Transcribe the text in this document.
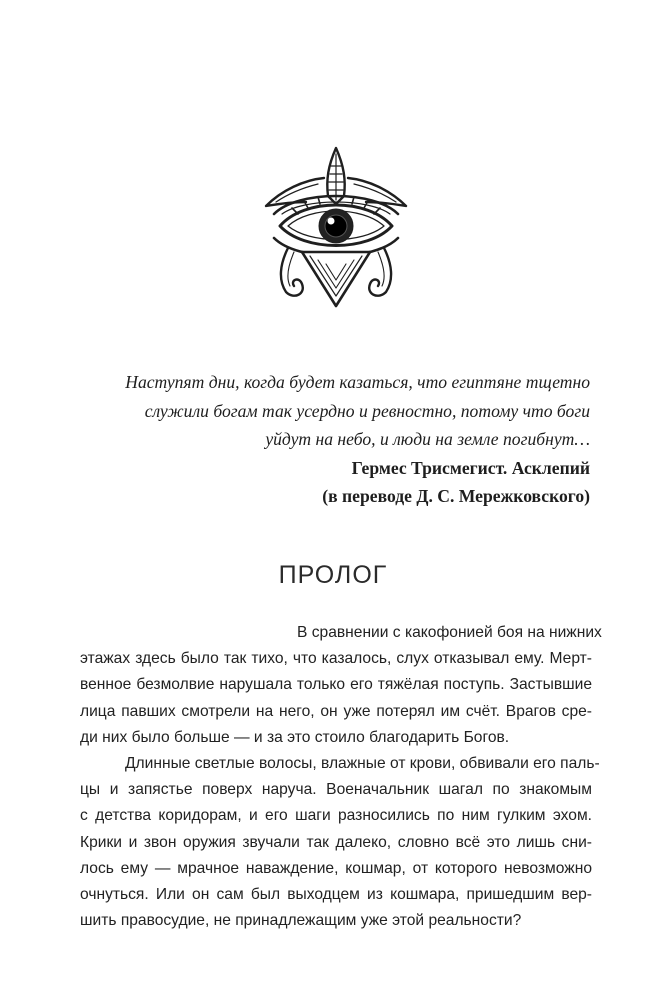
Наступят дни, когда будет казаться, что египтяне тщетно
служили богам так усердно и ревностно, потому что боги
уйдут на небо, и люди на земле погибнут…
Гермес Трисмегист. Асклепий
(в переводе Д. С. Мережковского)
ПРОЛОГ
В сравнении с какофонией боя на нижних
этажах здесь было так тихо, что казалось, слух отказывал ему. Мерт-
венное безмолвие нарушала только его тяжёлая поступь. Застывшие
лица павших смотрели на него, он уже потерял им счёт. Врагов сре-
ди них было больше — и за это стоило благодарить Богов.
Длинные светлые волосы, влажные от крови, обвивали его паль-
цы и запястье поверх наруча. Военачальник шагал по знакомым
с детства коридорам, и его шаги разносились по ним гулким эхом.
Крики и звон оружия звучали так далеко, словно всё это лишь сни-
лось ему — мрачное наваждение, кошмар, от которого невозможно
очнуться. Или он сам был выходцем из кошмара, пришедшим вер-
шить правосудие, не принадлежащим уже этой реальности?
